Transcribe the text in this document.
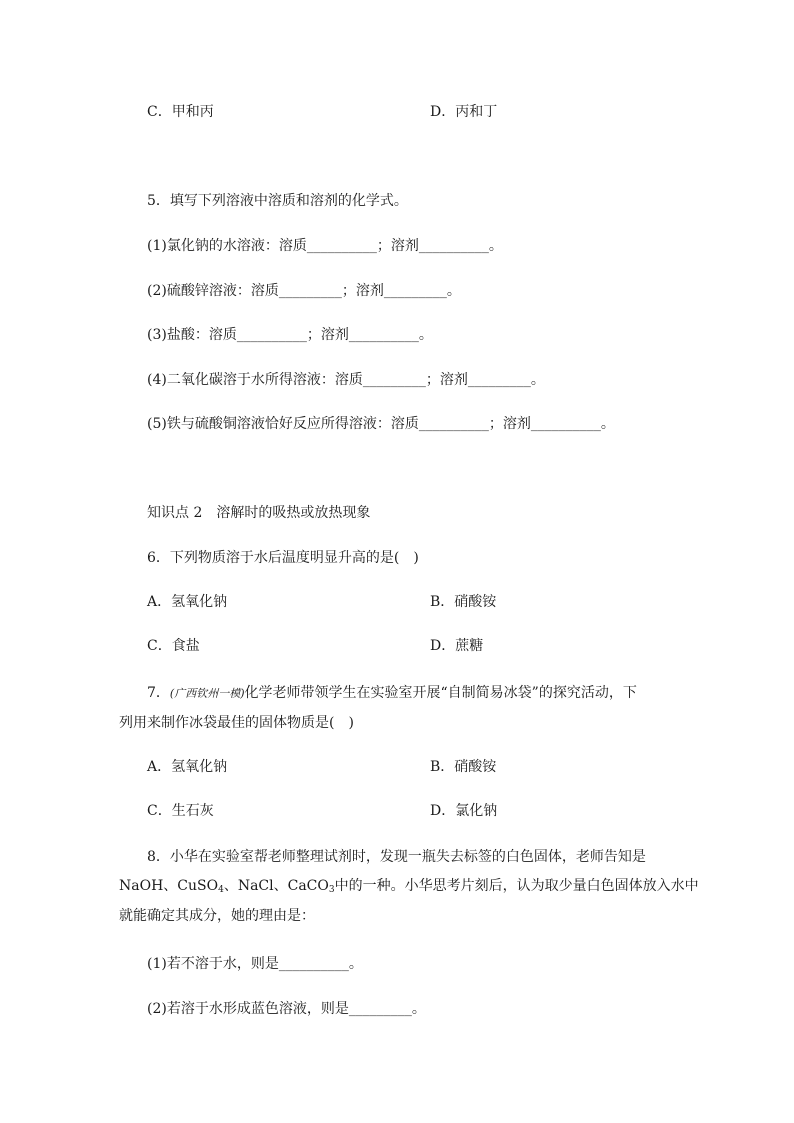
C．甲和丙	D．丙和丁
5．填写下列溶液中溶质和溶剂的化学式。
(1)氯化钠的水溶液：溶质__________；溶剂__________。
(2)硫酸锌溶液：溶质_________；溶剂_________。
(3)盐酸：溶质__________；溶剂__________。
(4)二氧化碳溶于水所得溶液：溶质_________；溶剂_________。
(5)铁与硫酸铜溶液恰好反应所得溶液：溶质__________；溶剂__________。
知识点 2　溶解时的吸热或放热现象
6．下列物质溶于水后温度明显升高的是(　)
A．氢氧化钠	B．硝酸铵
C．食盐	D．蔗糖
7．(广西钦州一模)化学老师带领学生在实验室开展“自制简易冰袋”的探究活动，下
列用来制作冰袋最佳的固体物质是(　)
A．氢氧化钠	B．硝酸铵
C．生石灰	D．氯化钠
8．小华在实验室帮老师整理试剂时，发现一瓶失去标签的白色固体，老师告知是
NaOH、CuSO$_4$、NaCl、CaCO$_3$中的一种。小华思考片刻后，认为取少量白色固体放入水中
就能确定其成分，她的理由是：
(1)若不溶于水，则是__________。
(2)若溶于水形成蓝色溶液，则是_________。
